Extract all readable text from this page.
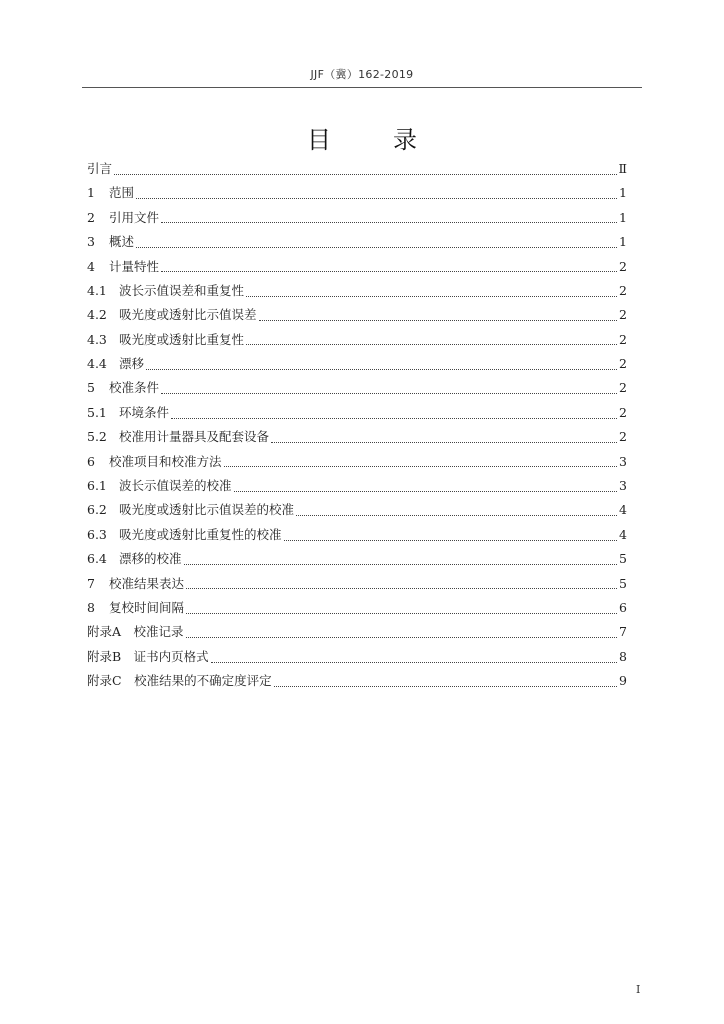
JJF（冀）162-2019
目	录
引言	Ⅱ
1	范围	1
2	引用文件	1
3	概述	1
4	计量特性	2
4.1 波长示值误差和重复性	2
4.2 吸光度或透射比示值误差	2
4.3 吸光度或透射比重复性	2
4.4 漂移	2
5	校准条件	2
5.1 环境条件	2
5.2 校准用计量器具及配套设备	2
6	校准项目和校准方法	3
6.1 波长示值误差的校准	3
6.2 吸光度或透射比示值误差的校准	4
6.3 吸光度或透射比重复性的校准	4
6.4 漂移的校准	5
7	校准结果表达	5
8	复校时间间隔	6
附录A　校准记录	7
附录B　证书内页格式	8
附录C　校准结果的不确定度评定	9
I
